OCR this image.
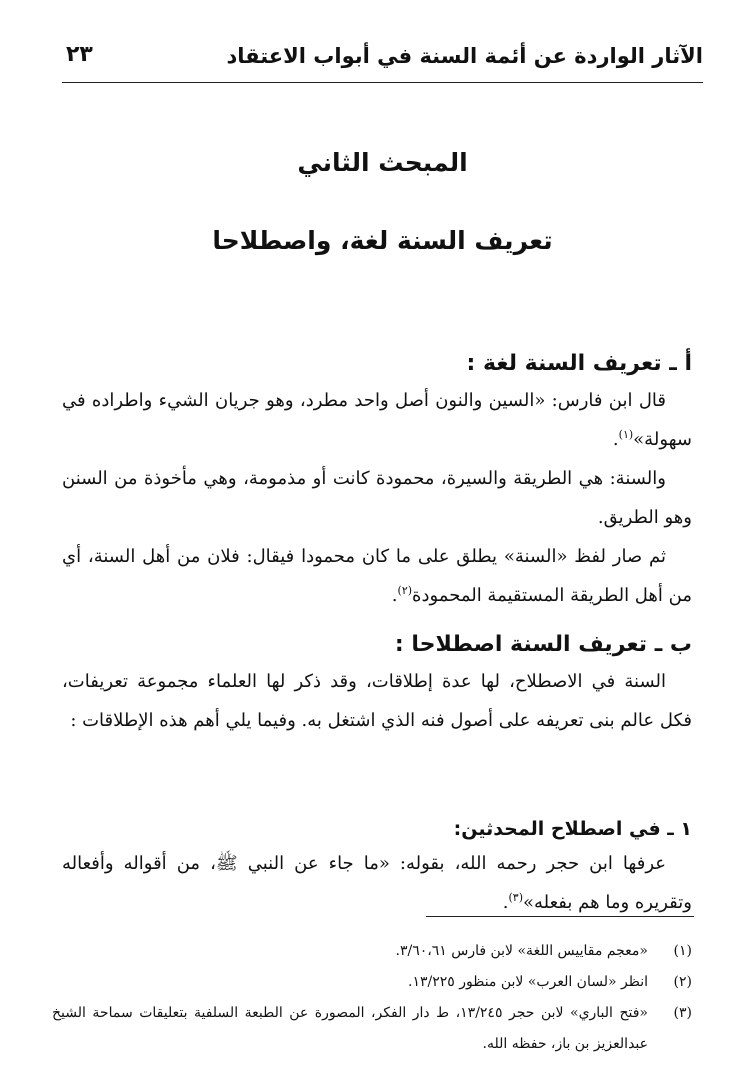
الآثار الواردة عن أئمة السنة في أبواب الاعتقاد
٢٣
المبحث الثاني
تعريف السنة لغة، واصطلاحا
أ ـ تعريف السنة لغة :
قال ابن فارس: «السين والنون أصل واحد مطرد، وهو جريان الشيء واطراده في سهولة»$^{(١)}$.
والسنة: هي الطريقة والسيرة، محمودة كانت أو مذمومة، وهي مأخوذة من السنن وهو الطريق.
ثم صار لفظ «السنة» يطلق على ما كان محمودا فيقال: فلان من أهل السنة، أي من أهل الطريقة المستقيمة المحمودة$^{(٢)}$.
ب ـ تعريف السنة اصطلاحا :
السنة في الاصطلاح، لها عدة إطلاقات، وقد ذكر لها العلماء مجموعة تعريفات، فكل عالم بنى تعريفه على أصول فنه الذي اشتغل به. وفيما يلي أهم هذه الإطلاقات :
١ ـ في اصطلاح المحدثين:
عرفها ابن حجر رحمه الله، بقوله: «ما جاء عن النبي ﷺ، من أقواله وأفعاله وتقريره وما هم بفعله»$^{(٣)}$.
(١)
«معجم مقاييس اللغة» لابن فارس ٣/٦٠،٦١.
(٢)
انظر «لسان العرب» لابن منظور ١٣/٢٢٥.
(٣)
«فتح الباري» لابن حجر ١٣/٢٤٥، ط دار الفكر، المصورة عن الطبعة السلفية بتعليقات سماحة الشيخ عبدالعزيز بن باز، حفظه الله.
